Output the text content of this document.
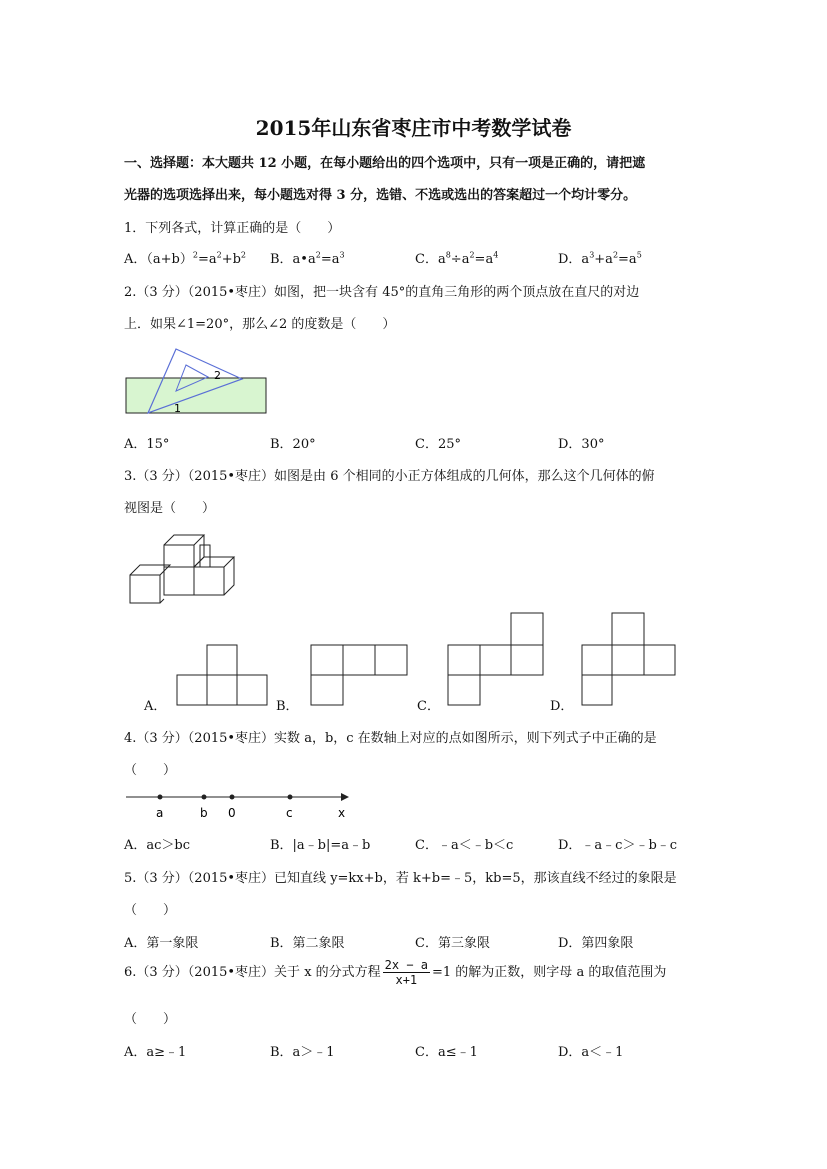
2015年山东省枣庄市中考数学试卷
一、选择题：本大题共 12 小题，在每小题给出的四个选项中，只有一项是正确的，请把遮
光器的选项选择出来，每小题选对得 3 分，选错、不选或选出的答案超过一个均计零分。
1．下列各式，计算正确的是（　　）
A．$(a+b)^2=a^2+b^2$ B．$a•a^2=a^3$	C．$a^8\div a^2=a^4$	D．$a^3+a^2=a^5$
2.（3 分）（2015•枣庄）如图，把一块含有 45°的直角三角形的两个顶点放在直尺的对边
上．如果∠1=20°，那么∠2 的度数是（　　）
2
1
A．15°	B．20°	C．25°	D．30°
3.（3 分）（2015•枣庄）如图是由 6 个相同的小正方体组成的几何体，那么这个几何体的俯
视图是（　　）
A．	B．	C．	D．
4.（3 分）（2015•枣庄）实数 a，b，c 在数轴上对应的点如图所示，则下列式子中正确的是
（　　）
a	b 0	c	x
A．ac＞bc	B．|a﹣b|=a﹣b	C．﹣a＜﹣b＜c	D．﹣a﹣c＞﹣b﹣c
5.（3 分）（2015•枣庄）已知直线 y=kx+b，若 k+b=﹣5，kb=5，那该直线不经过的象限是
（　　）
A．第一象限	B．第二象限	C．第三象限	D．第四象限
6.（3 分）（2015•枣庄）关于 x 的分式方程 $\frac{2x - a}{x+1} =1$ 的解为正数，则字母 a 的取值范围为
（　　）
A．a≥﹣1	B．a＞﹣1	C．a≤﹣1	D．a＜﹣1
